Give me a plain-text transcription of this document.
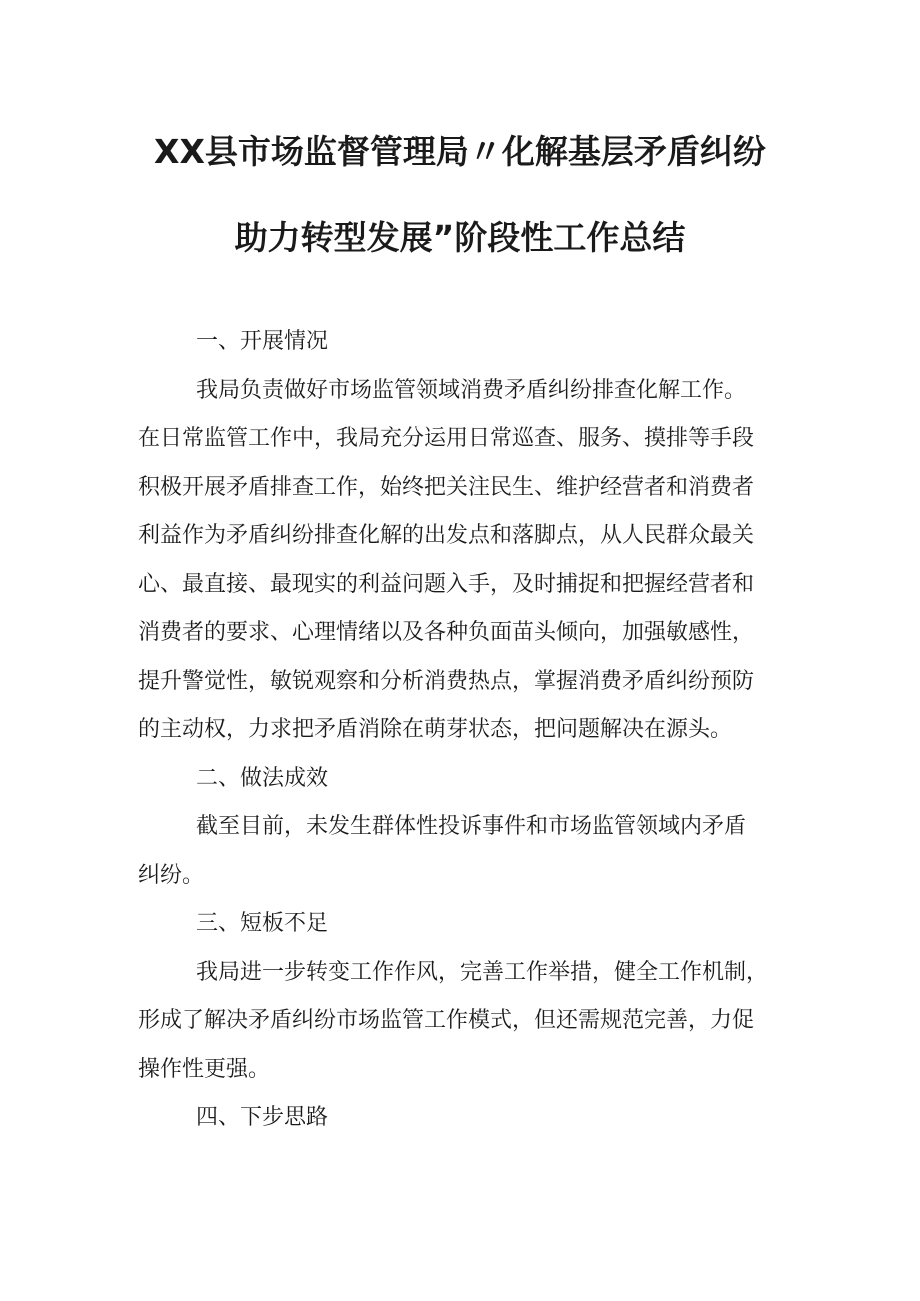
XX县市场监督管理局〃化解基层矛盾纠纷
助力转型发展”阶段性工作总结
一、开展情况
我局负责做好市场监管领域消费矛盾纠纷排查化解工作。
在日常监管工作中，我局充分运用日常巡查、服务、摸排等手段
积极开展矛盾排查工作，始终把关注民生、维护经营者和消费者
利益作为矛盾纠纷排查化解的出发点和落脚点，从人民群众最关
心、最直接、最现实的利益问题入手，及时捕捉和把握经营者和
消费者的要求、心理情绪以及各种负面苗头倾向，加强敏感性，
提升警觉性，敏锐观察和分析消费热点，掌握消费矛盾纠纷预防
的主动权，力求把矛盾消除在萌芽状态，把问题解决在源头。
二、做法成效
截至目前，未发生群体性投诉事件和市场监管领域内矛盾
纠纷。
三、短板不足
我局进一步转变工作作风，完善工作举措，健全工作机制，
形成了解决矛盾纠纷市场监管工作模式，但还需规范完善，力促
操作性更强。
四、下步思路
